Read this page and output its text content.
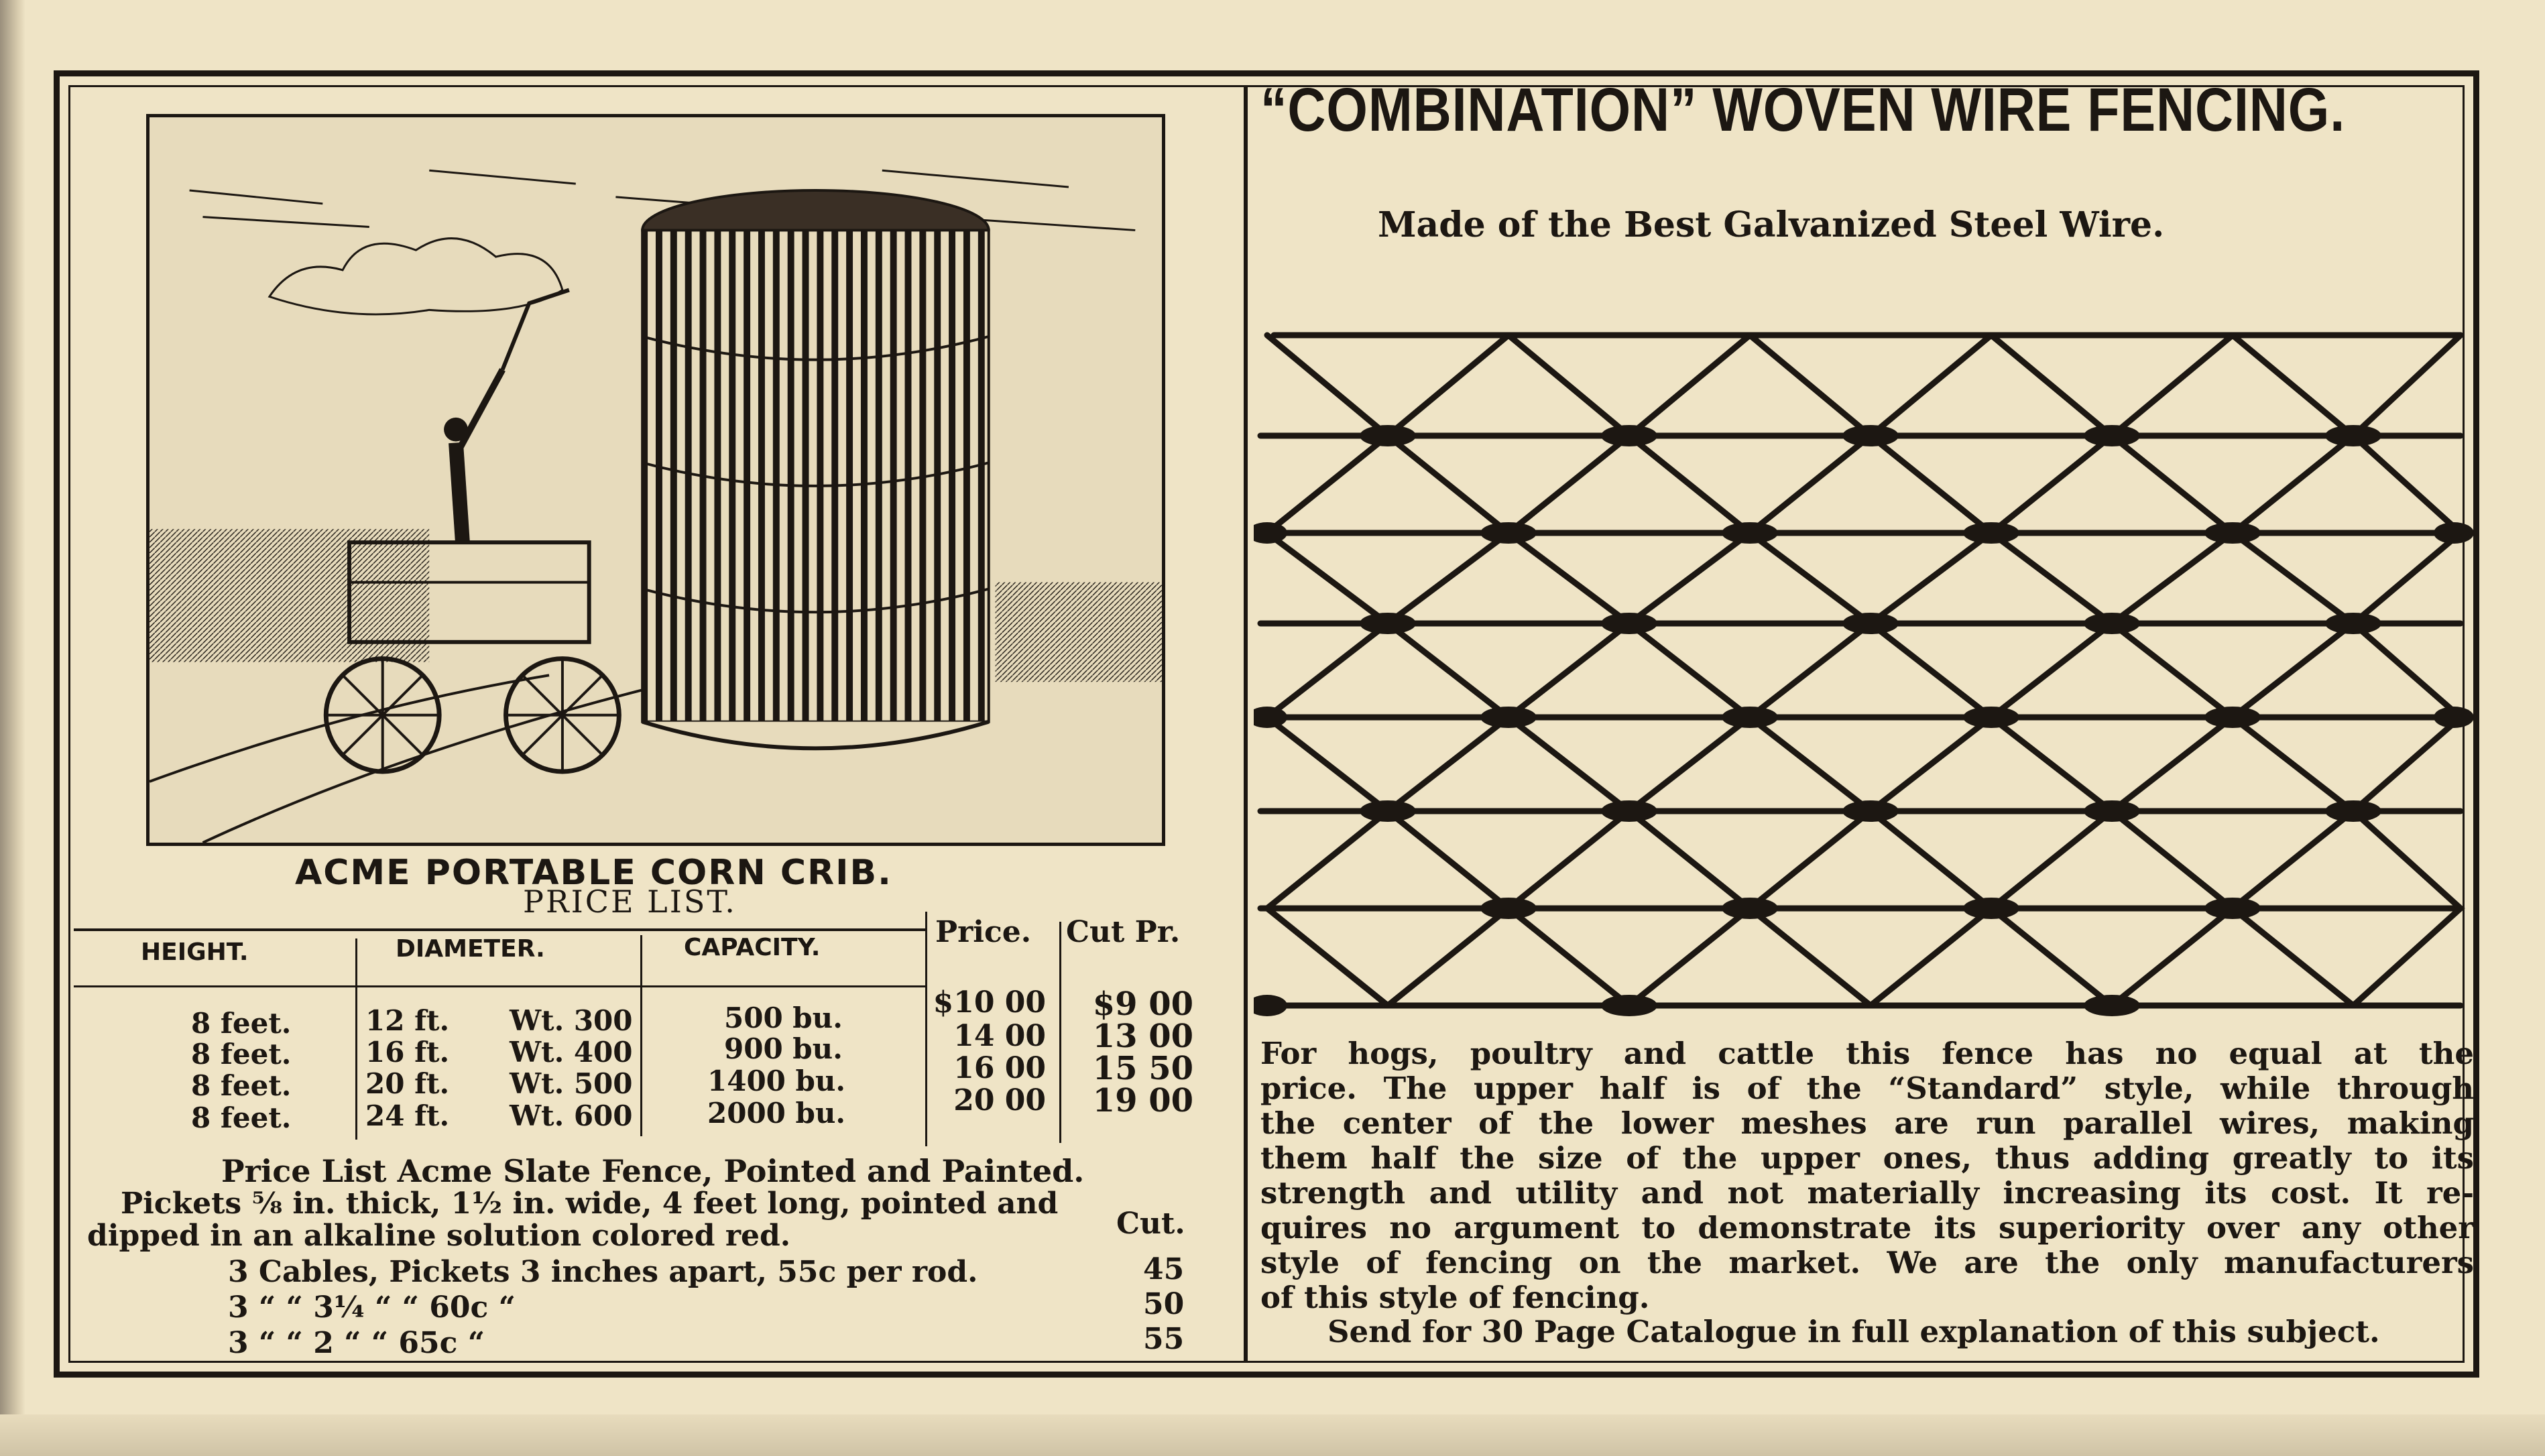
ACME PORTABLE CORN CRIB.
PRICE LIST.
HEIGHT.	DIAMETER.	CAPACITY.	Price. Cut Pr.
8 feet.	12 ft. Wt. 300	500 bu.	$10 00	$9 00
8 feet.	16 ft. Wt. 400	900 bu.	14 00	13 00
8 feet.	20 ft. Wt. 500	1400 bu.	16 00	15 50
8 feet.	24 ft. Wt. 600	2000 bu.	20 00	19 00
Price List Acme Slate Fence, Pointed and Painted.
Pickets ⅝ in. thick, 1½ in. wide, 4 feet long, pointed and
dipped in an alkaline solution colored red.	Cut.
3 Cables, Pickets 3 inches apart, 55c per rod.	45
3 “ “ 3¼ “ “ 60c “	50
3 “ “ 2 “ “ 65c “	55
“COMBINATION” WOVEN WIRE FENCING.
Made of the Best Galvanized Steel Wire.
For hogs, poultry and cattle this fence has no equal at the
price. The upper half is of the “Standard” style, while through
the center of the lower meshes are run parallel wires, making
them half the size of the upper ones, thus adding greatly to its
strength and utility and not materially increasing its cost. It re-
quires no argument to demonstrate its superiority over any other
style of fencing on the market. We are the only manufacturers
of this style of fencing.
Send for 30 Page Catalogue in full explanation of this subject.
